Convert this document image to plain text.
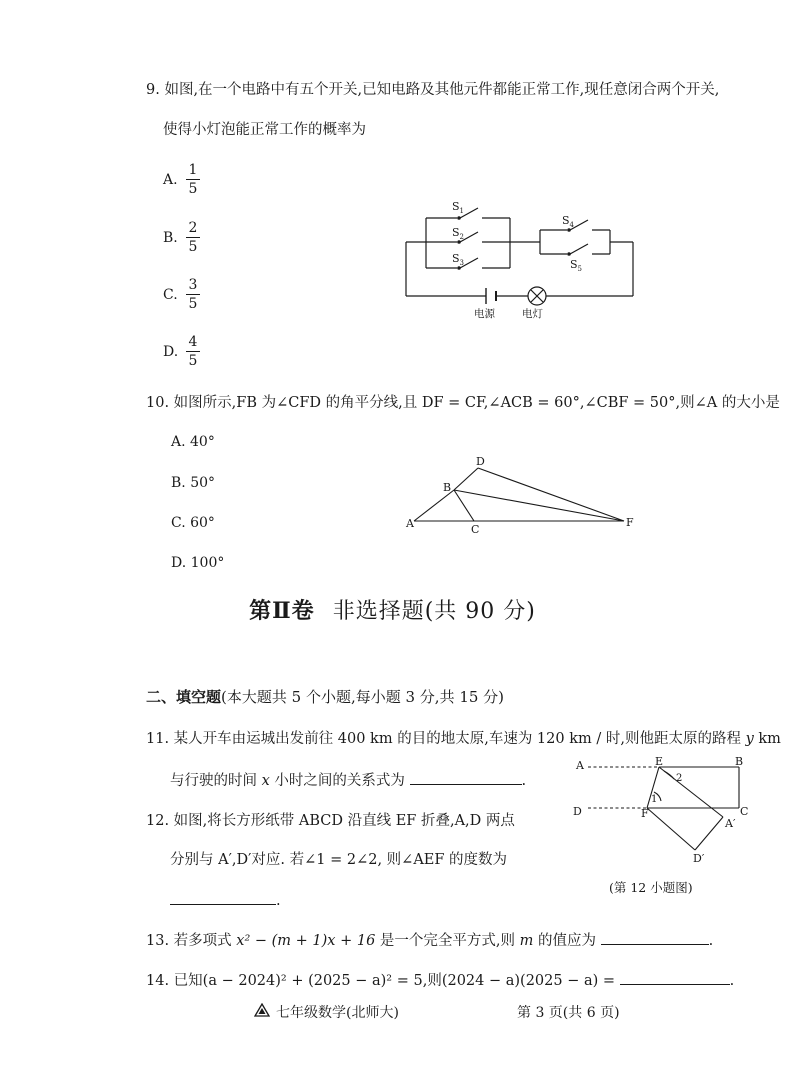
9. 如图,在一个电路中有五个开关,已知电路及其他元件都能正常工作,现任意闭合两个开关,
使得小灯泡能正常工作的概率为
A. $\frac{1}{5}$
B. $\frac{2}{5}$
C. $\frac{3}{5}$
D. $\frac{4}{5}$
$S_1$
$S_2$
$S_3$
$S_4$
$S_5$
电源	电灯
10. 如图所示,FB 为∠CFD 的角平分线,且 DF = CF,∠ACB = 60°,∠CBF = 50°,则∠A 的大小是
A. 40°
B. 50°
C. 60°
D. 100°
D
B
A	C
F
第Ⅱ卷 非选择题(共 90 分)
二、填空题(本大题共 5 个小题,每小题 3 分,共 15 分)
11. 某人开车由运城出发前往 400 km 的目的地太原,车速为 120 km / 时,则他距太原的路程 y km
与行驶的时间 x 小时之间的关系式为	.
12. 如图,将长方形纸带 ABCD 沿直线 EF 折叠,A,D 两点
分别与 A′,D′对应. 若∠1 = 2∠2, 则∠AEF 的度数为
.
A	E	B
D	F	C
A′
D′
2
1
(第 12 小题图)
13. 若多项式 x² − (m + 1)x + 16 是一个完全平方式,则 m 的值应为	.
14. 已知(a − 2024)² + (2025 − a)² = 5,则(2024 − a)(2025 − a) =	.
七年级数学(北师大)	第 3 页(共 6 页)
